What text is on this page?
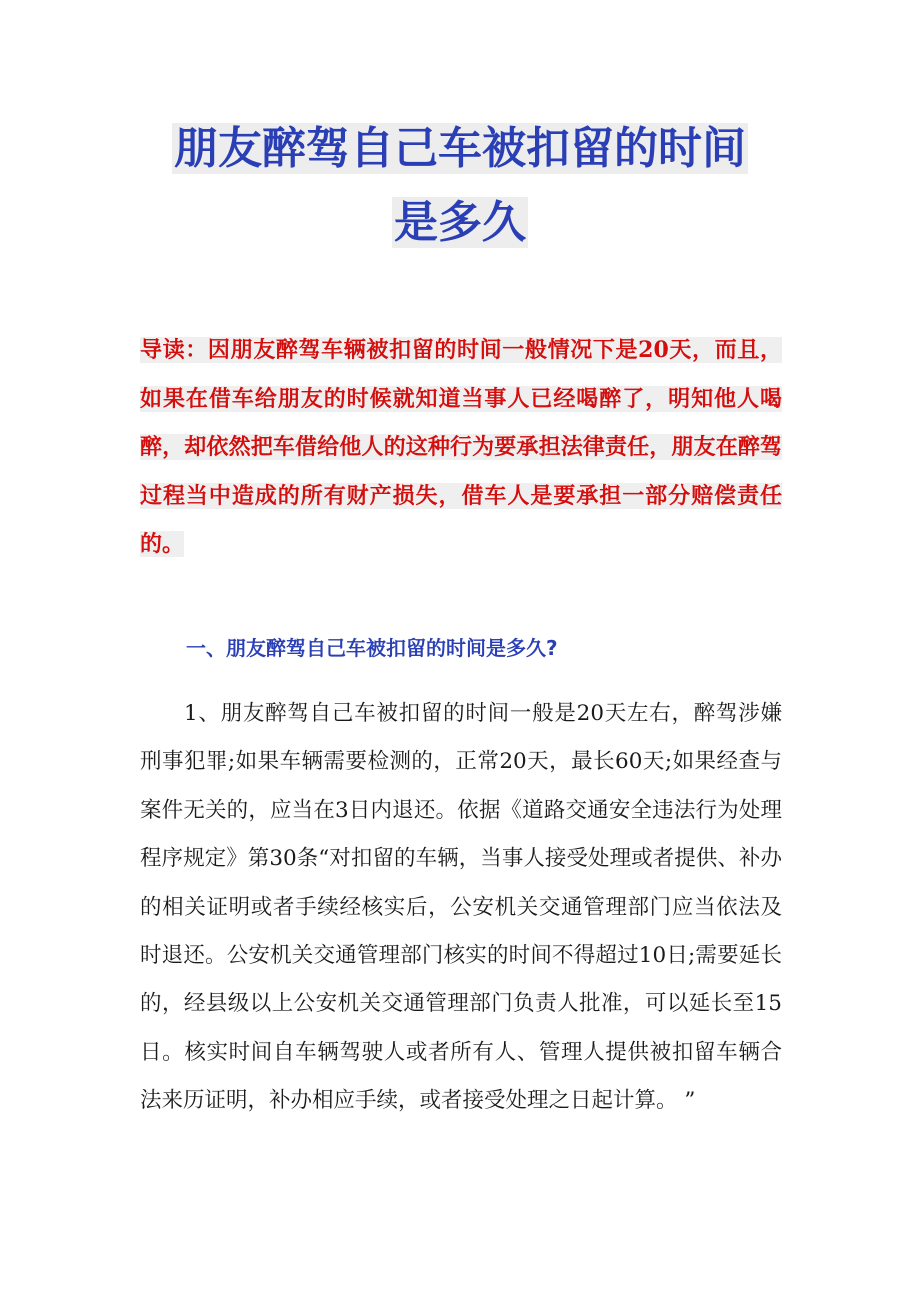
朋友醉驾自己车被扣留的时间
是多久

导读：因朋友醉驾车辆被扣留的时间一般情况下是20天，而且，如果在借车给朋友的时候就知道当事人已经喝醉了，明知他人喝醉，却依然把车借给他人的这种行为要承担法律责任，朋友在醉驾过程当中造成的所有财产损失，借车人是要承担一部分赔偿责任的。

一、朋友醉驾自己车被扣留的时间是多久?

1、朋友醉驾自己车被扣留的时间一般是20天左右，醉驾涉嫌刑事犯罪;如果车辆需要检测的，正常20天，最长60天;如果经查与案件无关的，应当在3日内退还。依据《道路交通安全违法行为处理程序规定》第30条“对扣留的车辆，当事人接受处理或者提供、补办的相关证明或者手续经核实后，公安机关交通管理部门应当依法及时退还。公安机关交通管理部门核实的时间不得超过10日;需要延长的，经县级以上公安机关交通管理部门负责人批准，可以延长至15日。核实时间自车辆驾驶人或者所有人、管理人提供被扣留车辆合法来历证明，补办相应手续，或者接受处理之日起计算。 ”
